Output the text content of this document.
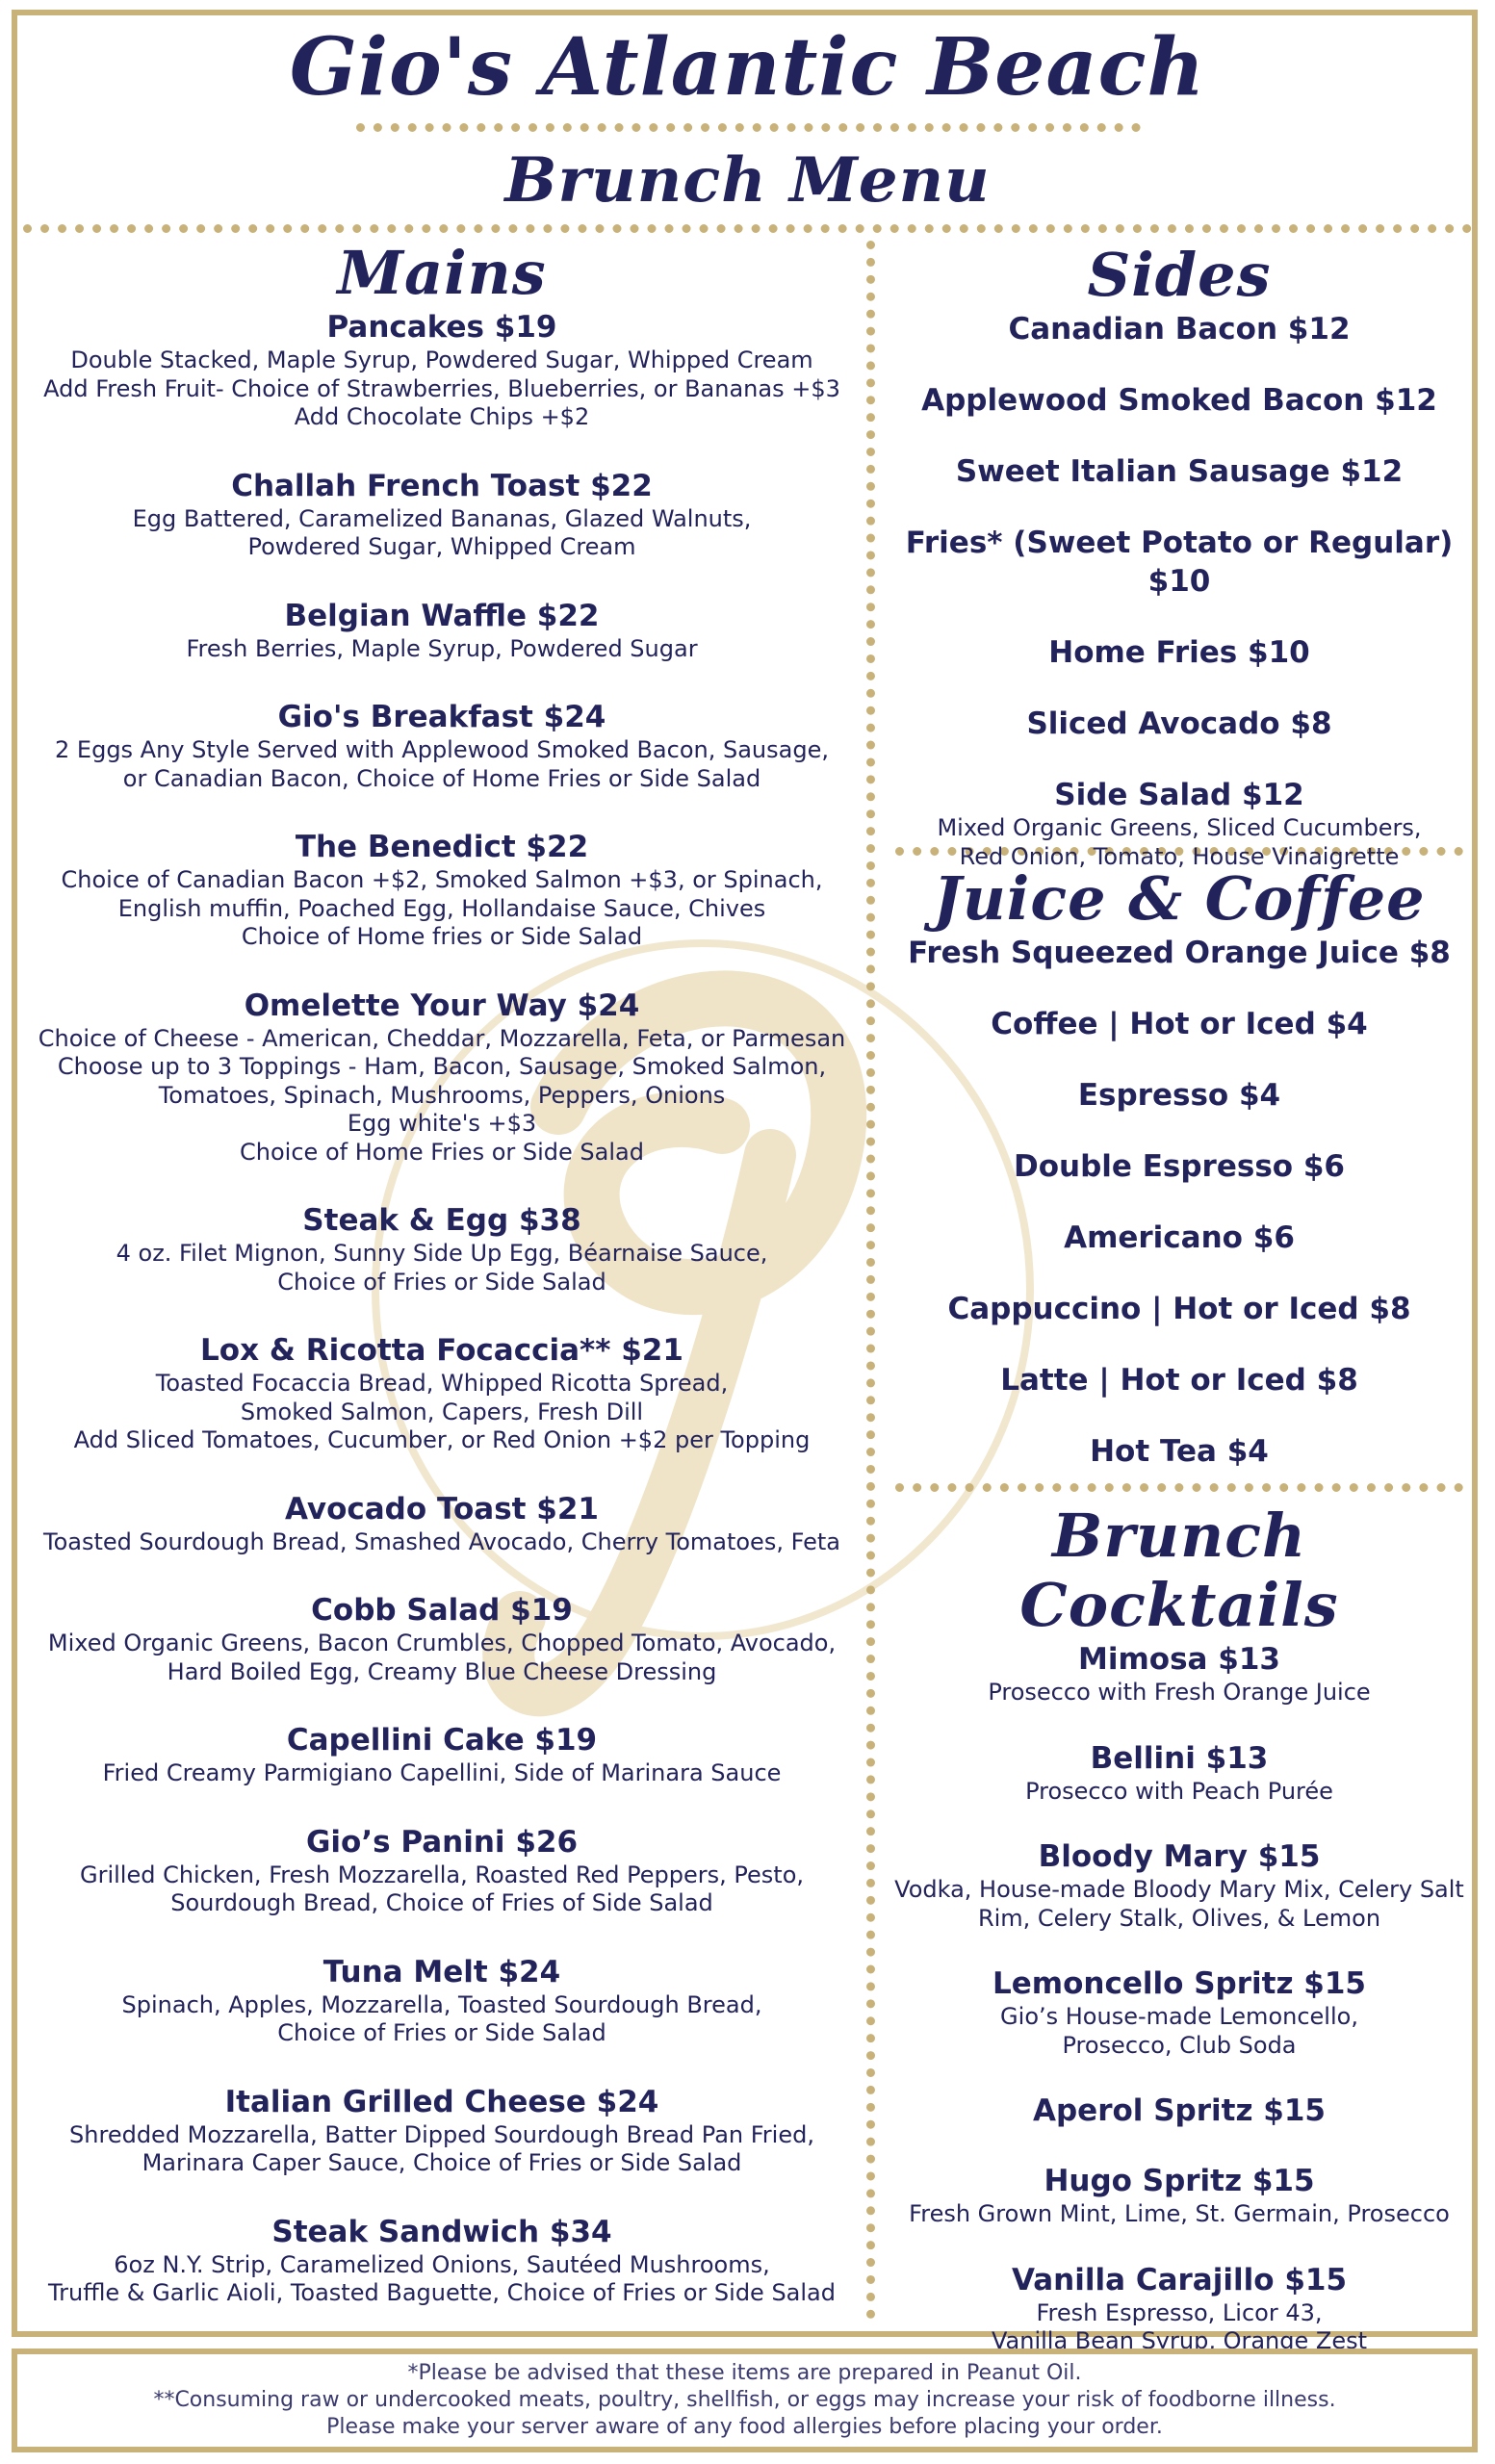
Gio's Atlantic Beach
Brunch Menu
Mains
Pancakes $19
Double Stacked, Maple Syrup, Powdered Sugar, Whipped Cream
Add Fresh Fruit- Choice of Strawberries, Blueberries, or Bananas +$3
Add Chocolate Chips +$2
Challah French Toast $22
Egg Battered, Caramelized Bananas, Glazed Walnuts,
Powdered Sugar, Whipped Cream
Belgian Waffle $22
Fresh Berries, Maple Syrup, Powdered Sugar
Gio's Breakfast $24
2 Eggs Any Style Served with Applewood Smoked Bacon, Sausage,
or Canadian Bacon, Choice of Home Fries or Side Salad
The Benedict $22
Choice of Canadian Bacon +$2, Smoked Salmon +$3, or Spinach,
English muffin, Poached Egg, Hollandaise Sauce, Chives
Choice of Home fries or Side Salad
Omelette Your Way $24
Choice of Cheese - American, Cheddar, Mozzarella, Feta, or Parmesan
Choose up to 3 Toppings - Ham, Bacon, Sausage, Smoked Salmon,
Tomatoes, Spinach, Mushrooms, Peppers, Onions
Egg white's +$3
Choice of Home Fries or Side Salad
Steak & Egg $38
4 oz. Filet Mignon, Sunny Side Up Egg, Béarnaise Sauce,
Choice of Fries or Side Salad
Lox & Ricotta Focaccia** $21
Toasted Focaccia Bread, Whipped Ricotta Spread,
Smoked Salmon, Capers, Fresh Dill
Add Sliced Tomatoes, Cucumber, or Red Onion +$2 per Topping
Avocado Toast $21
Toasted Sourdough Bread, Smashed Avocado, Cherry Tomatoes, Feta
Cobb Salad $19
Mixed Organic Greens, Bacon Crumbles, Chopped Tomato, Avocado,
Hard Boiled Egg, Creamy Blue Cheese Dressing
Capellini Cake $19
Fried Creamy Parmigiano Capellini, Side of Marinara Sauce
Gio’s Panini $26
Grilled Chicken, Fresh Mozzarella, Roasted Red Peppers, Pesto,
Sourdough Bread, Choice of Fries of Side Salad
Tuna Melt $24
Spinach, Apples, Mozzarella, Toasted Sourdough Bread,
Choice of Fries or Side Salad
Italian Grilled Cheese $24
Shredded Mozzarella, Batter Dipped Sourdough Bread Pan Fried,
Marinara Caper Sauce, Choice of Fries or Side Salad
Steak Sandwich $34
6oz N.Y. Strip, Caramelized Onions, Sautéed Mushrooms,
Truffle & Garlic Aioli, Toasted Baguette, Choice of Fries or Side Salad
Sides
Canadian Bacon $12
Applewood Smoked Bacon $12
Sweet Italian Sausage $12
Fries* (Sweet Potato or Regular) $10
Home Fries $10
Sliced Avocado $8
Side Salad $12
Mixed Organic Greens, Sliced Cucumbers,
Red Onion, Tomato, House Vinaigrette
Juice & Coffee
Fresh Squeezed Orange Juice $8
Coffee | Hot or Iced $4
Espresso $4
Double Espresso $6
Americano $6
Cappuccino | Hot or Iced $8
Latte | Hot or Iced $8
Hot Tea $4
Brunch Cocktails
Mimosa $13
Prosecco with Fresh Orange Juice
Bellini $13
Prosecco with Peach Purée
Bloody Mary $15
Vodka, House-made Bloody Mary Mix, Celery Salt
Rim, Celery Stalk, Olives, & Lemon
Lemoncello Spritz $15
Gio’s House-made Lemoncello,
Prosecco, Club Soda
Aperol Spritz $15
Hugo Spritz $15
Fresh Grown Mint, Lime, St. Germain, Prosecco
Vanilla Carajillo $15
Fresh Espresso, Licor 43,
Vanilla Bean Syrup, Orange Zest
*Please be advised that these items are prepared in Peanut Oil.
**Consuming raw or undercooked meats, poultry, shellfish, or eggs may increase your risk of foodborne illness.
Please make your server aware of any food allergies before placing your order.
